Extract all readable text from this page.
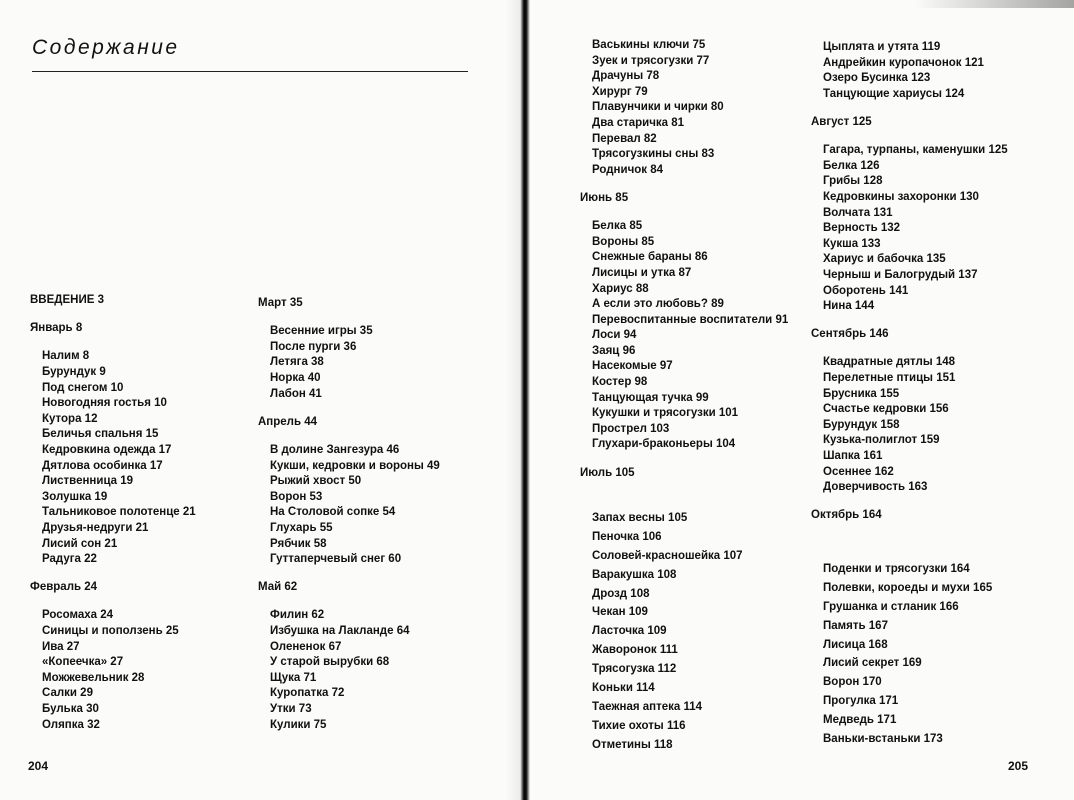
Содержание
ВВЕДЕНИЕ 3
Январь 8
Налим 8
Бурундук 9
Под снегом 10
Новогодняя гостья 10
Кутора 12
Беличья спальня 15
Кедровкина одежда 17
Дятлова особинка 17
Лиственница 19
Золушка 19
Тальниковое полотенце 21
Друзья-недруги 21
Лисий сон 21
Радуга 22
Февраль 24
Росомаха 24
Синицы и поползень 25
Ива 27
«Копеечка» 27
Можжевельник 28
Салки 29
Булька 30
Оляпка 32
Март 35
Весенние игры 35
После пурги 36
Летяга 38
Норка 40
Лабон 41
Апрель 44
В долине Зангезура 46
Кукши, кедровки и вороны 49
Рыжий хвост 50
Ворон 53
На Столовой сопке 54
Глухарь 55
Рябчик 58
Гуттаперчевый снег 60
Май 62
Филин 62
Избушка на Лакланде 64
Олененок 67
У старой вырубки 68
Щука 71
Куропатка 72
Утки 73
Кулики 75
204
Васькины ключи 75
Зуек и трясогузки 77
Драчуны 78
Хирург 79
Плавунчики и чирки 80
Два старичка 81
Перевал 82
Трясогузкины сны 83
Родничок 84
Июнь 85
Белка 85
Вороны 85
Снежные бараны 86
Лисицы и утка 87
Хариус 88
А если это любовь? 89
Перевоспитанные воспитатели 91
Лоси 94
Заяц 96
Насекомые 97
Костер 98
Танцующая тучка 99
Кукушки и трясогузки 101
Прострел 103
Глухари-браконьеры 104
Июль 105
Запах весны 105
Пеночка 106
Соловей-красношейка 107
Варакушка 108
Дрозд 108
Чекан 109
Ласточка 109
Жаворонок 111
Трясогузка 112
Коньки 114
Таежная аптека 114
Тихие охоты 116
Отметины 118
Цыплята и утята 119
Андрейкин куропачонок 121
Озеро Бусинка 123
Танцующие хариусы 124
Август 125
Гагара, турпаны, каменушки 125
Белка 126
Грибы 128
Кедровкины захоронки 130
Волчата 131
Верность 132
Кукша 133
Хариус и бабочка 135
Черныш и Балогрудый 137
Оборотень 141
Нина 144
Сентябрь 146
Квадратные дятлы 148
Перелетные птицы 151
Брусника 155
Счастье кедровки 156
Бурундук 158
Кузька-полиглот 159
Шапка 161
Осеннее 162
Доверчивость 163
Октябрь 164
Поденки и трясогузки 164
Полевки, короеды и мухи 165
Грушанка и стланик 166
Память 167
Лисица 168
Лисий секрет 169
Ворон 170
Прогулка 171
Медведь 171
Ваньки-встаньки 173
205
